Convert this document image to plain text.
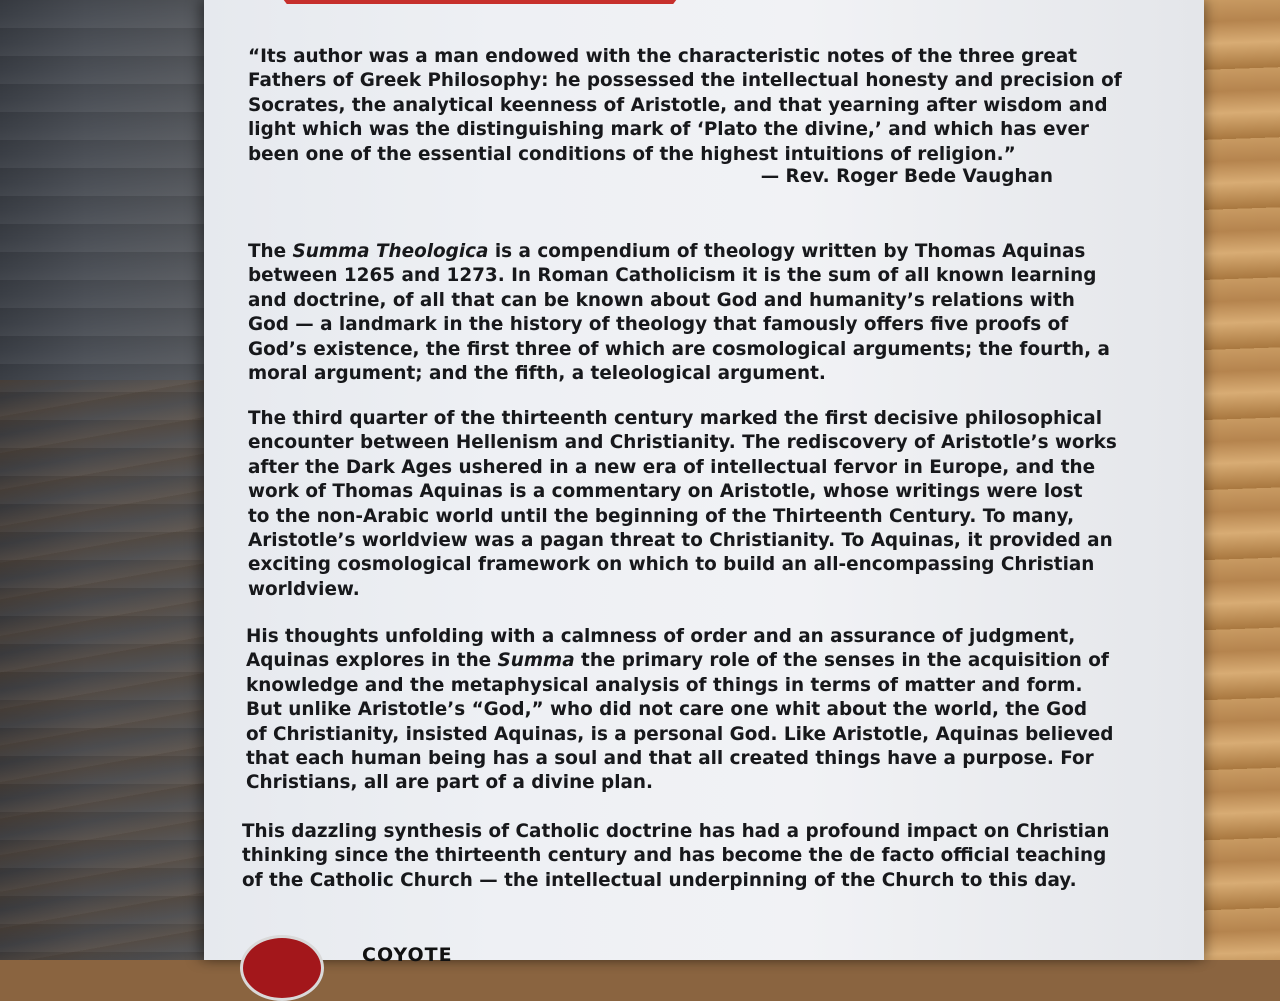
“Its author was a man endowed with the characteristic notes of the three great
Fathers of Greek Philosophy: he possessed the intellectual honesty and precision of
Socrates, the analytical keenness of Aristotle, and that yearning after wisdom and
light which was the distinguishing mark of ‘Plato the divine,’ and which has ever
been one of the essential conditions of the highest intuitions of religion.”
— Rev. Roger Bede Vaughan
The Summa Theologica is a compendium of theology written by Thomas Aquinas
between 1265 and 1273. In Roman Catholicism it is the sum of all known learning
and doctrine, of all that can be known about God and humanity’s relations with
God — a landmark in the history of theology that famously offers five proofs of
God’s existence, the first three of which are cosmological arguments; the fourth, a
moral argument; and the fifth, a teleological argument.
The third quarter of the thirteenth century marked the first decisive philosophical
encounter between Hellenism and Christianity. The rediscovery of Aristotle’s works
after the Dark Ages ushered in a new era of intellectual fervor in Europe, and the
work of Thomas Aquinas is a commentary on Aristotle, whose writings were lost
to the non-Arabic world until the beginning of the Thirteenth Century. To many,
Aristotle’s worldview was a pagan threat to Christianity. To Aquinas, it provided an
exciting cosmological framework on which to build an all-encompassing Christian
worldview.
His thoughts unfolding with a calmness of order and an assurance of judgment,
Aquinas explores in the Summa the primary role of the senses in the acquisition of
knowledge and the metaphysical analysis of things in terms of matter and form.
But unlike Aristotle’s “God,” who did not care one whit about the world, the God
of Christianity, insisted Aquinas, is a personal God. Like Aristotle, Aquinas believed
that each human being has a soul and that all created things have a purpose. For
Christians, all are part of a divine plan.
This dazzling synthesis of Catholic doctrine has had a profound impact on Christian
thinking since the thirteenth century and has become the de facto official teaching
of the Catholic Church — the intellectual underpinning of the Church to this day.
COYOTE
